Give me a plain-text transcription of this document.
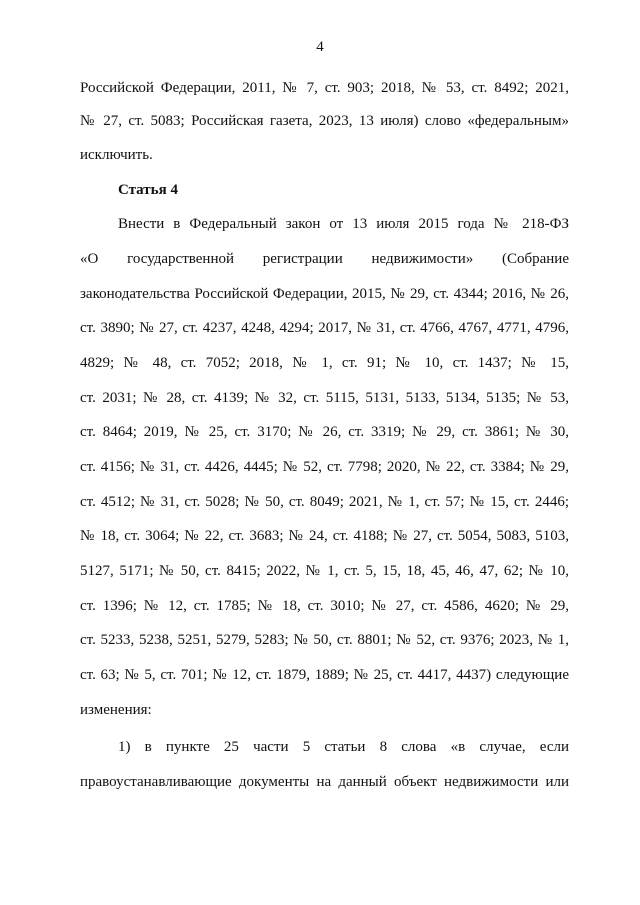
4
Российской Федерации, 2011, № 7, ст. 903; 2018, № 53, ст. 8492; 2021,
№ 27, ст. 5083; Российская газета, 2023, 13 июля) слово «федеральным»
исключить.
Статья 4
Внести в Федеральный закон от 13 июля 2015 года № 218-ФЗ
«О государственной регистрации недвижимости» (Собрание
законодательства Российской Федерации, 2015, № 29, ст. 4344; 2016, № 26,
ст. 3890; № 27, ст. 4237, 4248, 4294; 2017, № 31, ст. 4766, 4767, 4771, 4796,
4829; № 48, ст. 7052; 2018, № 1, ст. 91; № 10, ст. 1437; № 15,
ст. 2031; № 28, ст. 4139; № 32, ст. 5115, 5131, 5133, 5134, 5135; № 53,
ст. 8464; 2019, № 25, ст. 3170; № 26, ст. 3319; № 29, ст. 3861; № 30,
ст. 4156; № 31, ст. 4426, 4445; № 52, ст. 7798; 2020, № 22, ст. 3384; № 29,
ст. 4512; № 31, ст. 5028; № 50, ст. 8049; 2021, № 1, ст. 57; № 15, ст. 2446;
№ 18, ст. 3064; № 22, ст. 3683; № 24, ст. 4188; № 27, ст. 5054, 5083, 5103,
5127, 5171; № 50, ст. 8415; 2022, № 1, ст. 5, 15, 18, 45, 46, 47, 62; № 10,
ст. 1396; № 12, ст. 1785; № 18, ст. 3010; № 27, ст. 4586, 4620; № 29,
ст. 5233, 5238, 5251, 5279, 5283; № 50, ст. 8801; № 52, ст. 9376; 2023, № 1,
ст. 63; № 5, ст. 701; № 12, ст. 1879, 1889; № 25, ст. 4417, 4437) следующие
изменения:
1) в пункте 25 части 5 статьи 8 слова «в случае, если
правоустанавливающие документы на данный объект недвижимости или
